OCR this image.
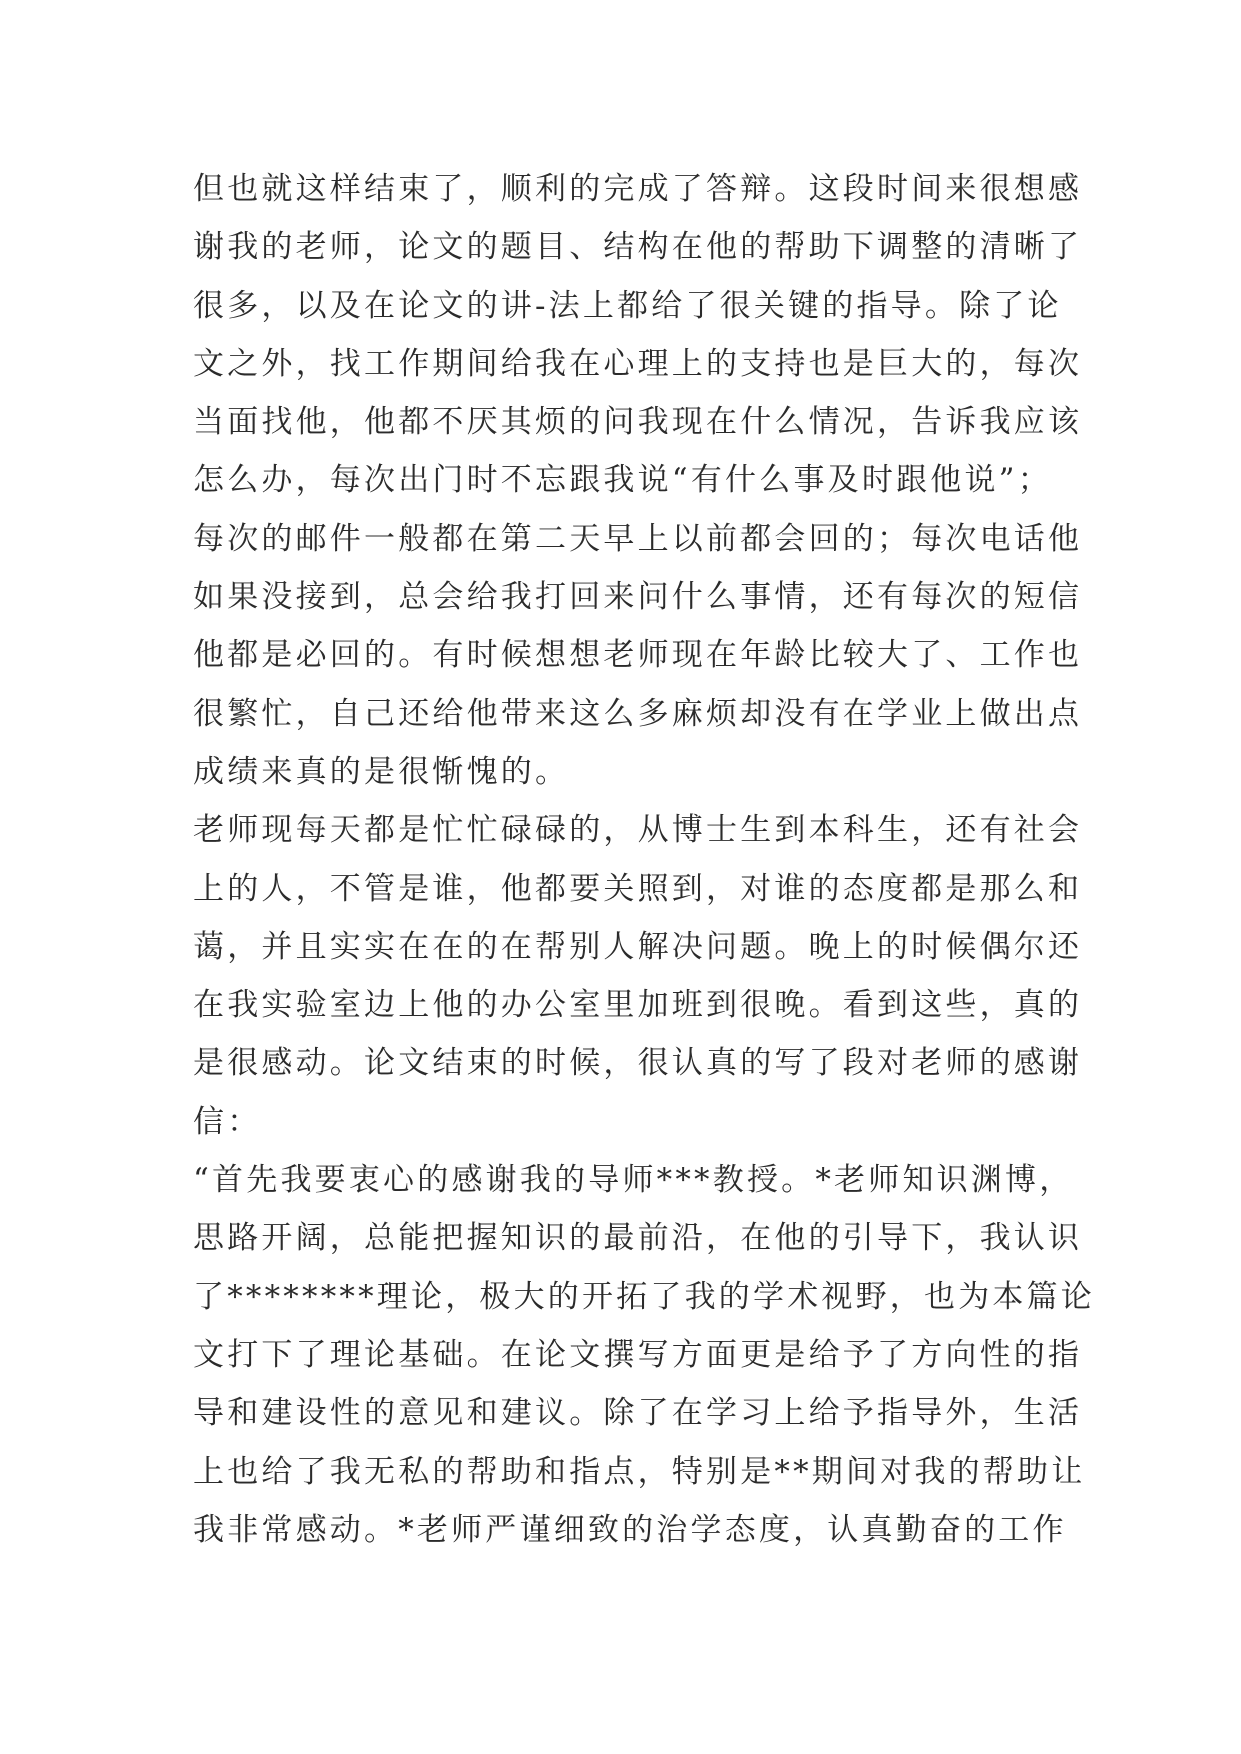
但也就这样结束了，顺利的完成了答辩。这段时间来很想感
谢我的老师，论文的题目、结构在他的帮助下调整的清晰了
很多，以及在论文的讲-法上都给了很关键的指导。除了论
文之外，找工作期间给我在心理上的支持也是巨大的，每次
当面找他，他都不厌其烦的问我现在什么情况，告诉我应该
怎么办，每次出门时不忘跟我说“有什么事及时跟他说”；
每次的邮件一般都在第二天早上以前都会回的；每次电话他
如果没接到，总会给我打回来问什么事情，还有每次的短信
他都是必回的。有时候想想老师现在年龄比较大了、工作也
很繁忙，自己还给他带来这么多麻烦却没有在学业上做出点
成绩来真的是很惭愧的。
老师现每天都是忙忙碌碌的，从博士生到本科生，还有社会
上的人，不管是谁，他都要关照到，对谁的态度都是那么和
蔼，并且实实在在的在帮别人解决问题。晚上的时候偶尔还
在我实验室边上他的办公室里加班到很晚。看到这些，真的
是很感动。论文结束的时候，很认真的写了段对老师的感谢
信：
“首先我要衷心的感谢我的导师***教授。*老师知识渊博，
思路开阔，总能把握知识的最前沿，在他的引导下，我认识
了********理论，极大的开拓了我的学术视野，也为本篇论
文打下了理论基础。在论文撰写方面更是给予了方向性的指
导和建设性的意见和建议。除了在学习上给予指导外，生活
上也给了我无私的帮助和指点，特别是**期间对我的帮助让
我非常感动。*老师严谨细致的治学态度，认真勤奋的工作
